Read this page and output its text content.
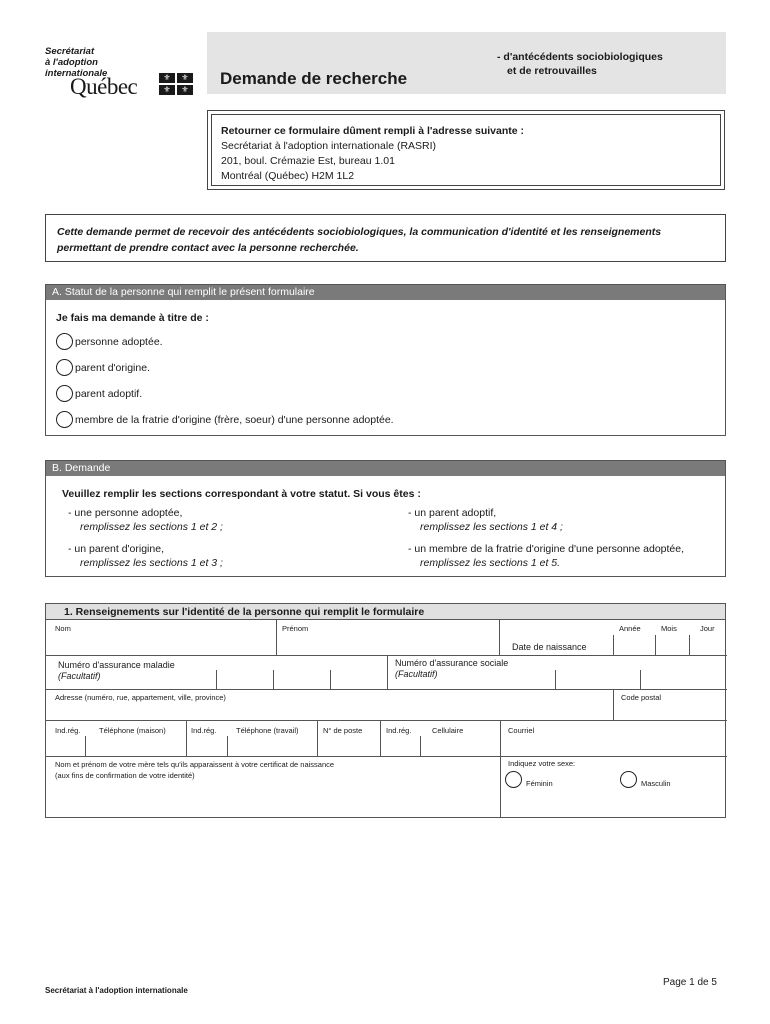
Secrétariat
à l'adoption
internationale
Québec	⚜	⚜
⚜	⚜
Demande de recherche
- d'antécédents sociobiologiques
et de retrouvailles
Retourner ce formulaire dûment rempli à l'adresse suivante :
Secrétariat à l'adoption internationale (RASRI)
201, boul. Crémazie Est, bureau 1.01
Montréal (Québec) H2M 1L2
Cette demande permet de recevoir des antécédents sociobiologiques, la communication d'identité et les renseignements permettant de prendre contact avec la personne recherchée.
A. Statut de la personne qui remplit le présent formulaire
Je fais ma demande à titre de :
personne adoptée.
parent d'origine.
parent adoptif.
membre de la fratrie d'origine (frère, soeur) d'une personne adoptée.
B. Demande
Veuillez remplir les sections correspondant à votre statut. Si vous êtes :
- une personne adoptée,
remplissez les sections 1 et 2 ;
- un parent adoptif,
remplissez les sections 1 et 4 ;
- un parent d'origine,
remplissez les sections 1 et 3 ;
- un membre de la fratrie d'origine d'une personne adoptée,
remplissez les sections 1 et 5.
1. Renseignements sur l'identité de la personne qui remplit le formulaire
Nom	Prénom	Année	Mois	Jour
Date de naissance
Numéro d'assurance maladie
(Facultatif)
Numéro d'assurance sociale
(Facultatif)
Adresse (numéro, rue, appartement, ville, province)	Code postal
Ind.rég. Téléphone (maison)	Ind.rég.	Téléphone (travail)	N° de poste	Ind.rég.	Cellulaire	Courriel
Nom et prénom de votre mère tels qu'ils apparaissent à votre certificat de naissance
(aux fins de confirmation de votre identité)
Indiquez votre sexe:
Féminin	Masculin
Secrétariat à l'adoption internationale
Page 1 de 5
